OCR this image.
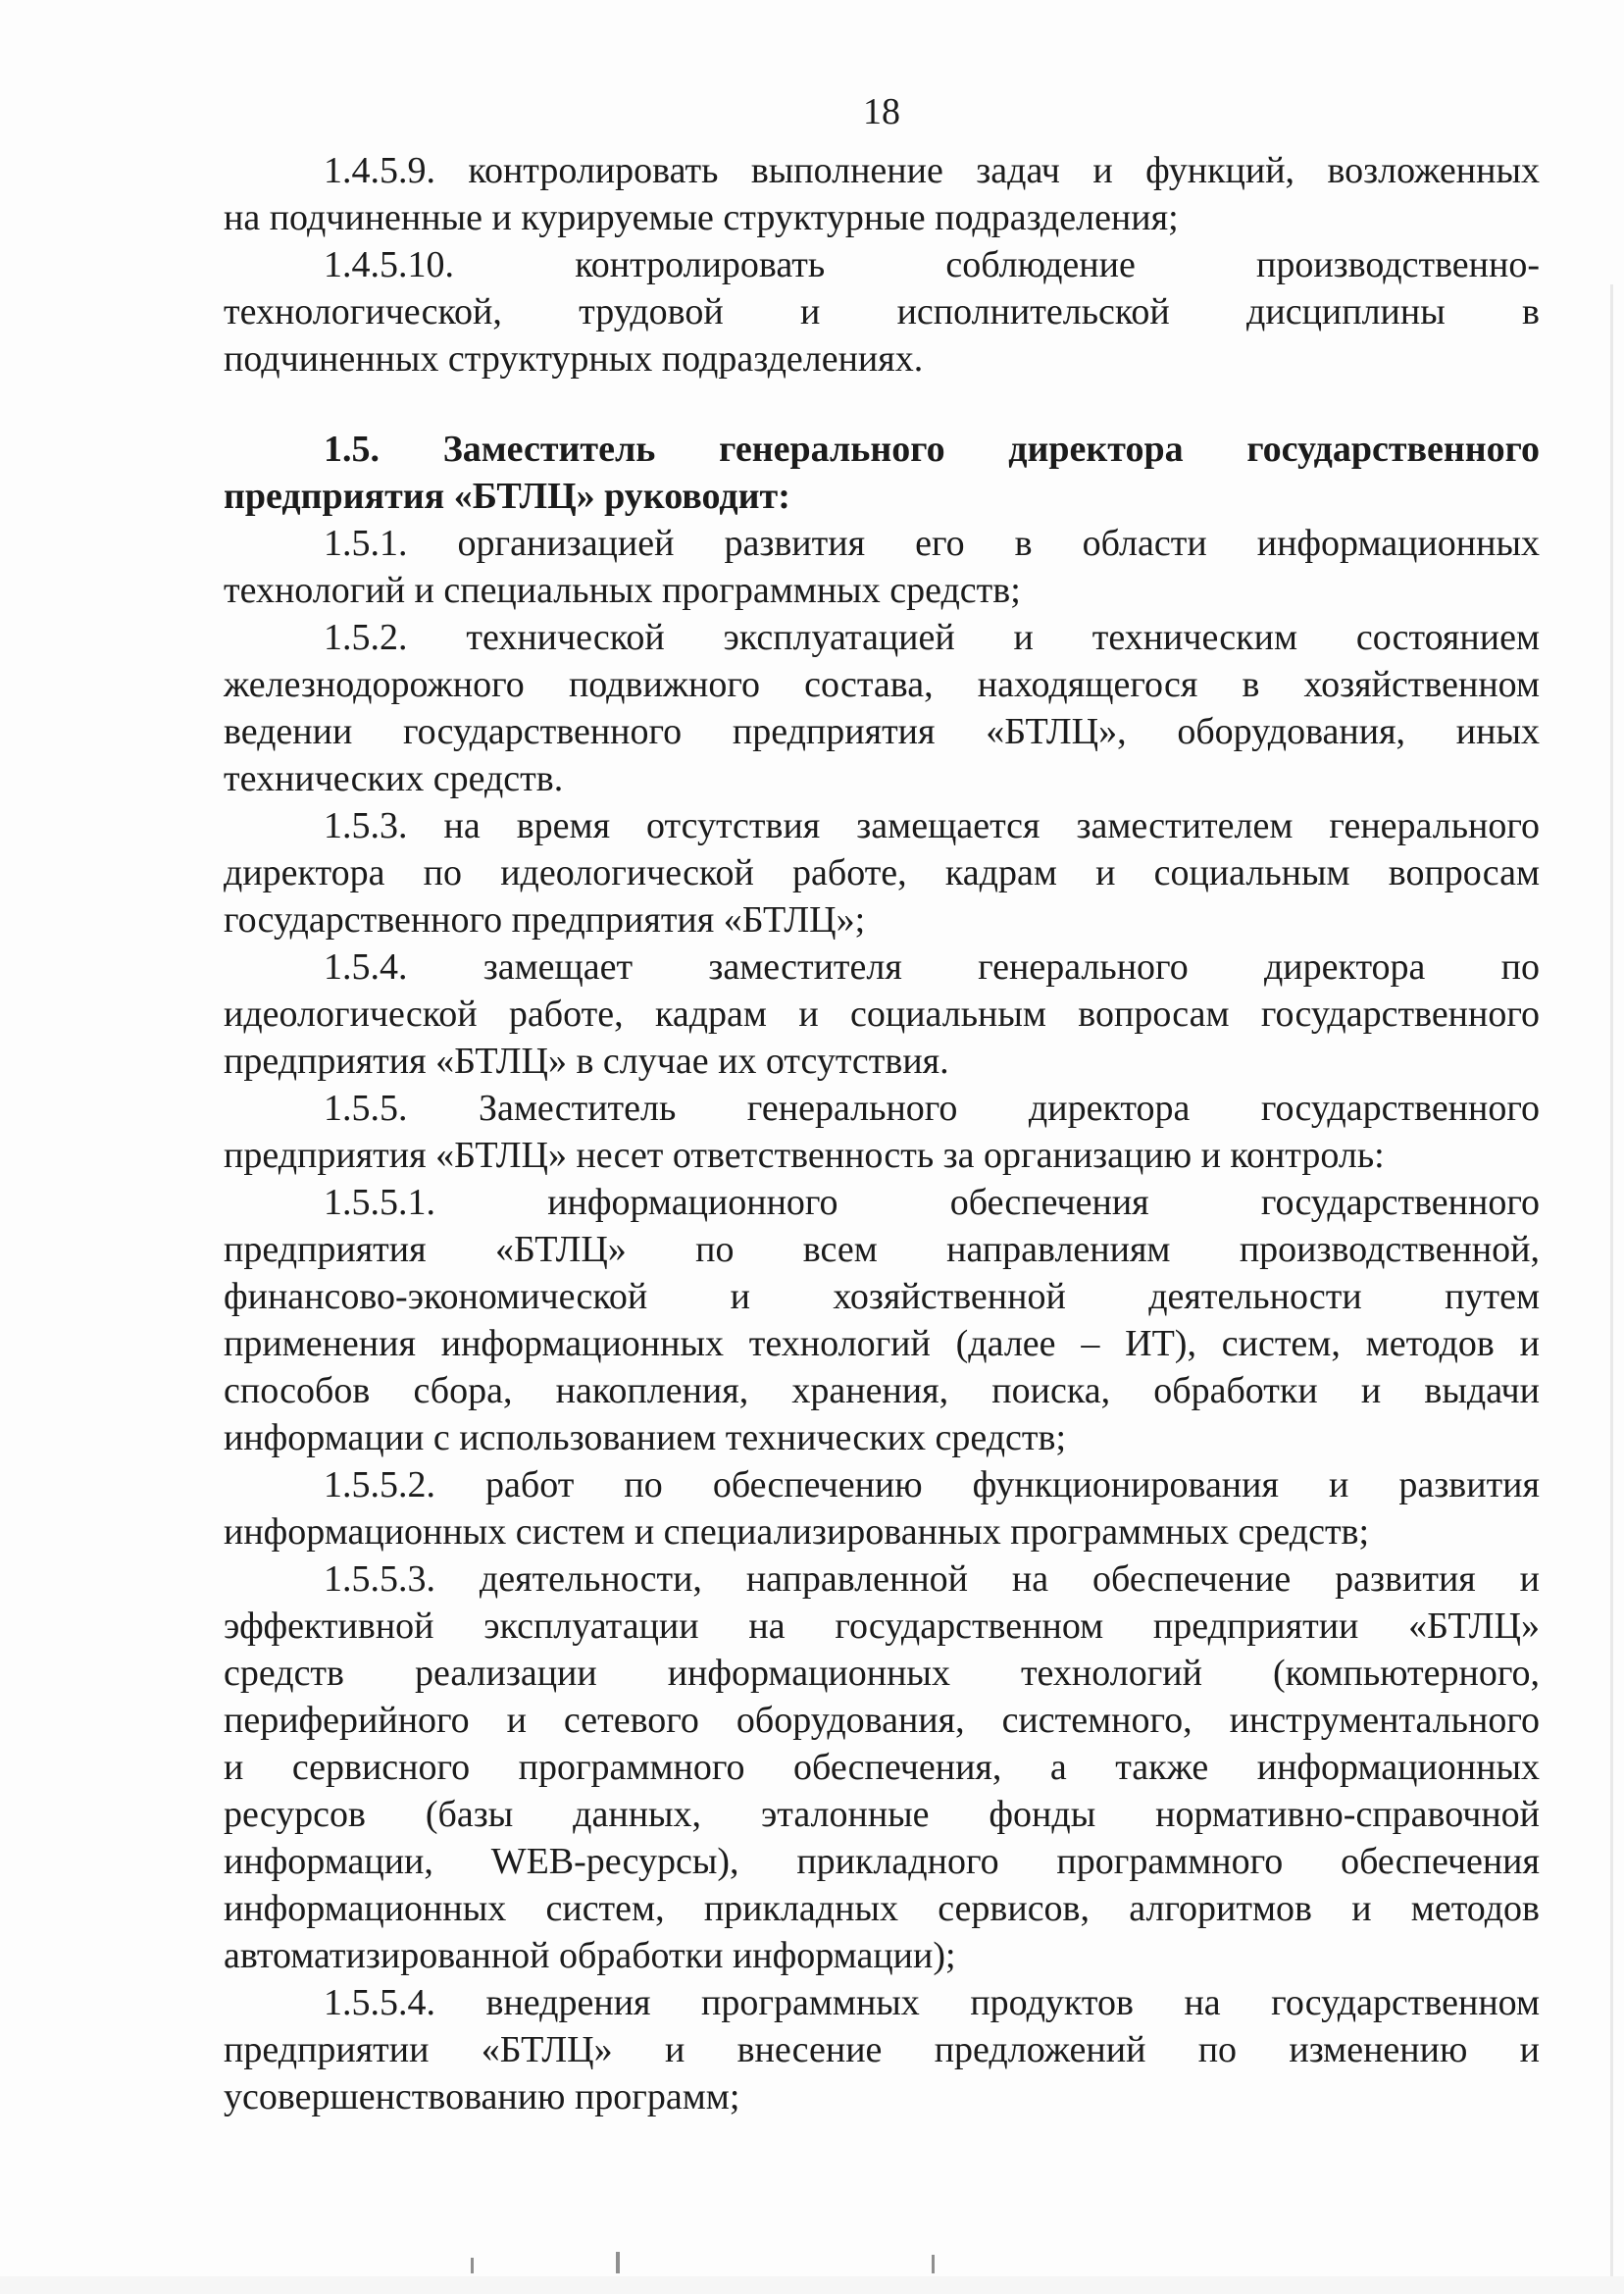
18

1.4.5.9. контролировать выполнение задач и функций, возложенных
на подчиненные и курируемые структурные подразделения;

1.4.5.10. контролировать соблюдение производственно-
технологической, трудовой и исполнительской дисциплины в
подчиненных структурных подразделениях.

1.5. Заместитель генерального директора государственного
предприятия «БТЛЦ» руководит:

1.5.1. организацией развития его в области информационных
технологий и специальных программных средств;

1.5.2. технической эксплуатацией и техническим состоянием
железнодорожного подвижного состава, находящегося в хозяйственном
ведении государственного предприятия «БТЛЦ», оборудования, иных
технических средств.

1.5.3. на время отсутствия замещается заместителем генерального
директора по идеологической работе, кадрам и социальным вопросам
государственного предприятия «БТЛЦ»;

1.5.4. замещает заместителя генерального директора по
идеологической работе, кадрам и социальным вопросам государственного
предприятия «БТЛЦ» в случае их отсутствия.

1.5.5. Заместитель генерального директора государственного
предприятия «БТЛЦ» несет ответственность за организацию и контроль:

1.5.5.1. информационного обеспечения государственного
предприятия «БТЛЦ» по всем направлениям производственной,
финансово-экономической и хозяйственной деятельности путем
применения информационных технологий (далее – ИТ), систем, методов и
способов сбора, накопления, хранения, поиска, обработки и выдачи
информации с использованием технических средств;

1.5.5.2. работ по обеспечению функционирования и развития
информационных систем и специализированных программных средств;

1.5.5.3. деятельности, направленной на обеспечение развития и
эффективной эксплуатации на государственном предприятии «БТЛЦ»
средств реализации информационных технологий (компьютерного,
периферийного и сетевого оборудования, системного, инструментального
и сервисного программного обеспечения, а также информационных
ресурсов (базы данных, эталонные фонды нормативно-справочной
информации, WEB-ресурсы), прикладного программного обеспечения
информационных систем, прикладных сервисов, алгоритмов и методов
автоматизированной обработки информации);

1.5.5.4. внедрения программных продуктов на государственном
предприятии «БТЛЦ» и внесение предложений по изменению и
усовершенствованию программ;
